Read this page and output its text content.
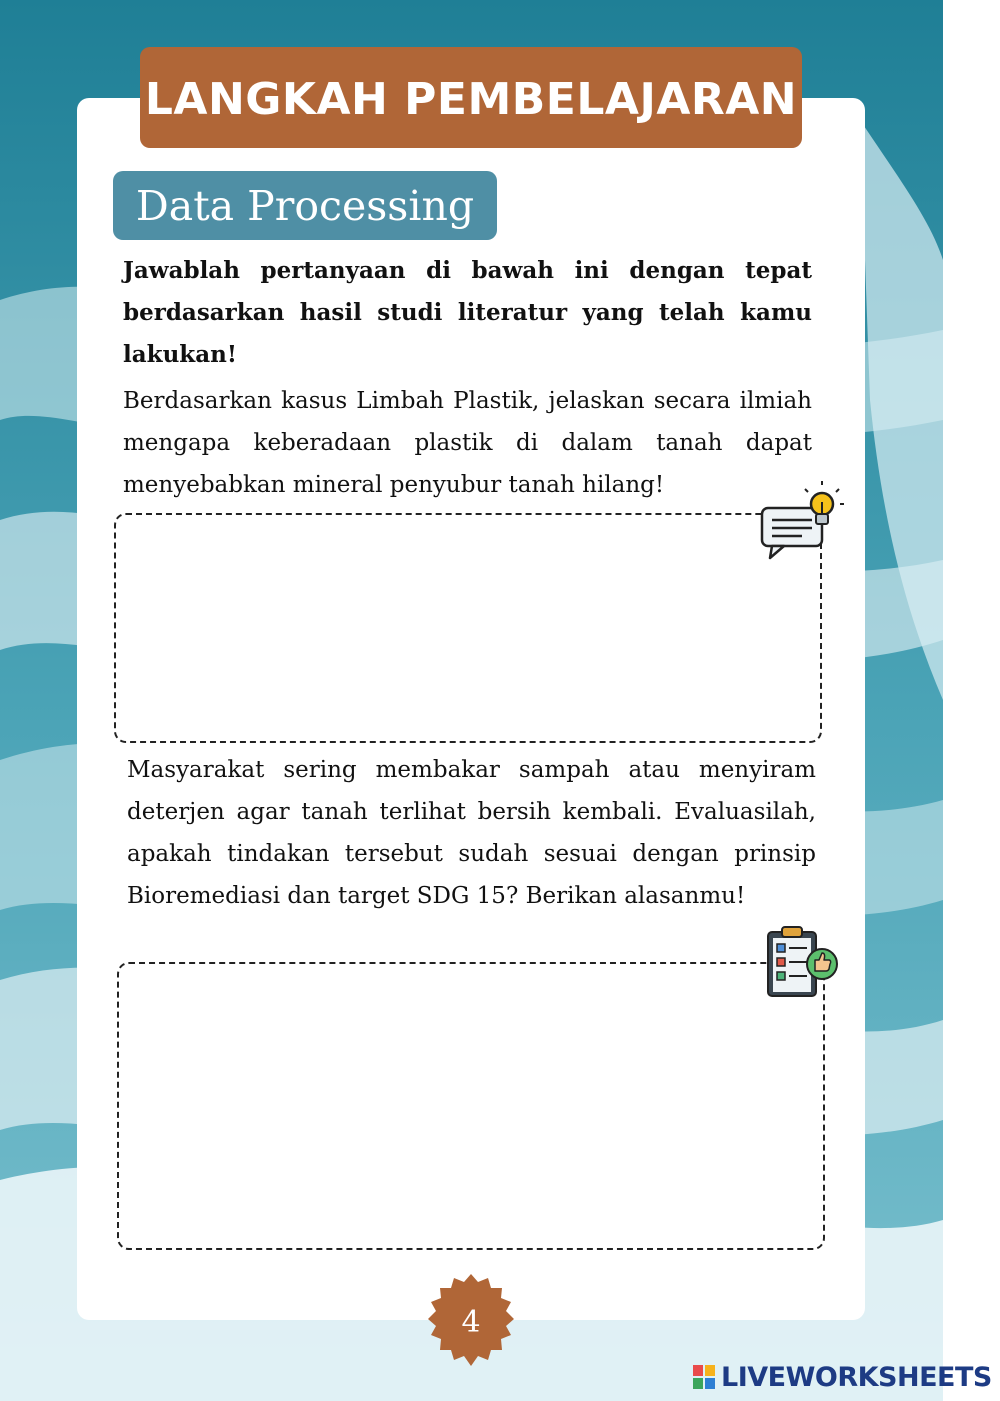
LANGKAH PEMBELAJARAN
Data Processing

Jawablah pertanyaan di bawah ini dengan tepat berdasarkan hasil studi literatur yang telah kamu lakukan!

Berdasarkan kasus Limbah Plastik, jelaskan secara ilmiah mengapa keberadaan plastik di dalam tanah dapat menyebabkan mineral penyubur tanah hilang!

Masyarakat sering membakar sampah atau menyiram deterjen agar tanah terlihat bersih kembali. Evaluasilah, apakah tindakan tersebut sudah sesuai dengan prinsip Bioremediasi dan target SDG 15? Berikan alasanmu!

4
LIVEWORKSHEETS
